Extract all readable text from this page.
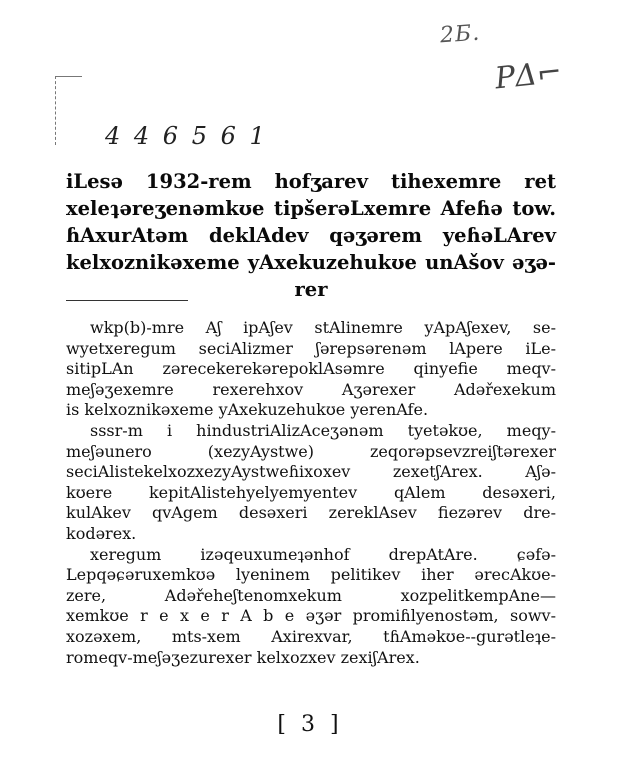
2Ƃ.
PΔ⌐
4 4 6 5 6 1
iLesə 1932-rem hofʒarev tihexemre ret
xeleʇəreʒenəmkʊe tipšerəLxemre Afeɦə tow.
ɦAxurAtəm deklAdev qəʒərem yeɦəLArev
kelxoznikəxeme yAxekuzehukʊe unAšov əʒə-
rer
wkp(b)-mre Aʃ ipAʃev stAlinemre yApAʃexev, se-
wyetxeregum seciAlizmer ʃərepsərenəm lApere iLe-
sitipLAn zərecekerekərepoklAsəmre qinyefie meqv-
meʃəʒexemre rexerehxov Aʒərexer Adəřexekum
is kelxoznikəxeme yAxekuzehukʊe yerenAfe.
sssr-m i hindustriAlizAceʒənəm tyetəkʊe, meqy-
meʃəunero (xezyAystwe) zeqorəpsevzreiʃtərexer
seciAlistekelxozxezyAystweɦixoxev zexetʃArex. Aʃə-
kʊere kepitAlistehyelyemyentev qAlem desəxeri,
kulAkev qvAgem desəxeri zereklAsev fiezərev dre-
kodərex.
xeregum izəqeuxumeʇənhof drepAtAre. ɕəfə-
Lepqəɕəruxemkʊə lyeninem pelitikev iher ərecAkʊe-
zere, Adəřeheʃtenomxekum xozpelitkempAne—
xemkʊe r e x e r A b e əʒər promiɦlyenostəm, sowv-
xozəxem, mts-xem Axirexvar, tɦAməkʊe--gurətleʇe-
romeqv-meʃəʒezurexer kelxozxev zexiʃArex.
[ 3 ]
